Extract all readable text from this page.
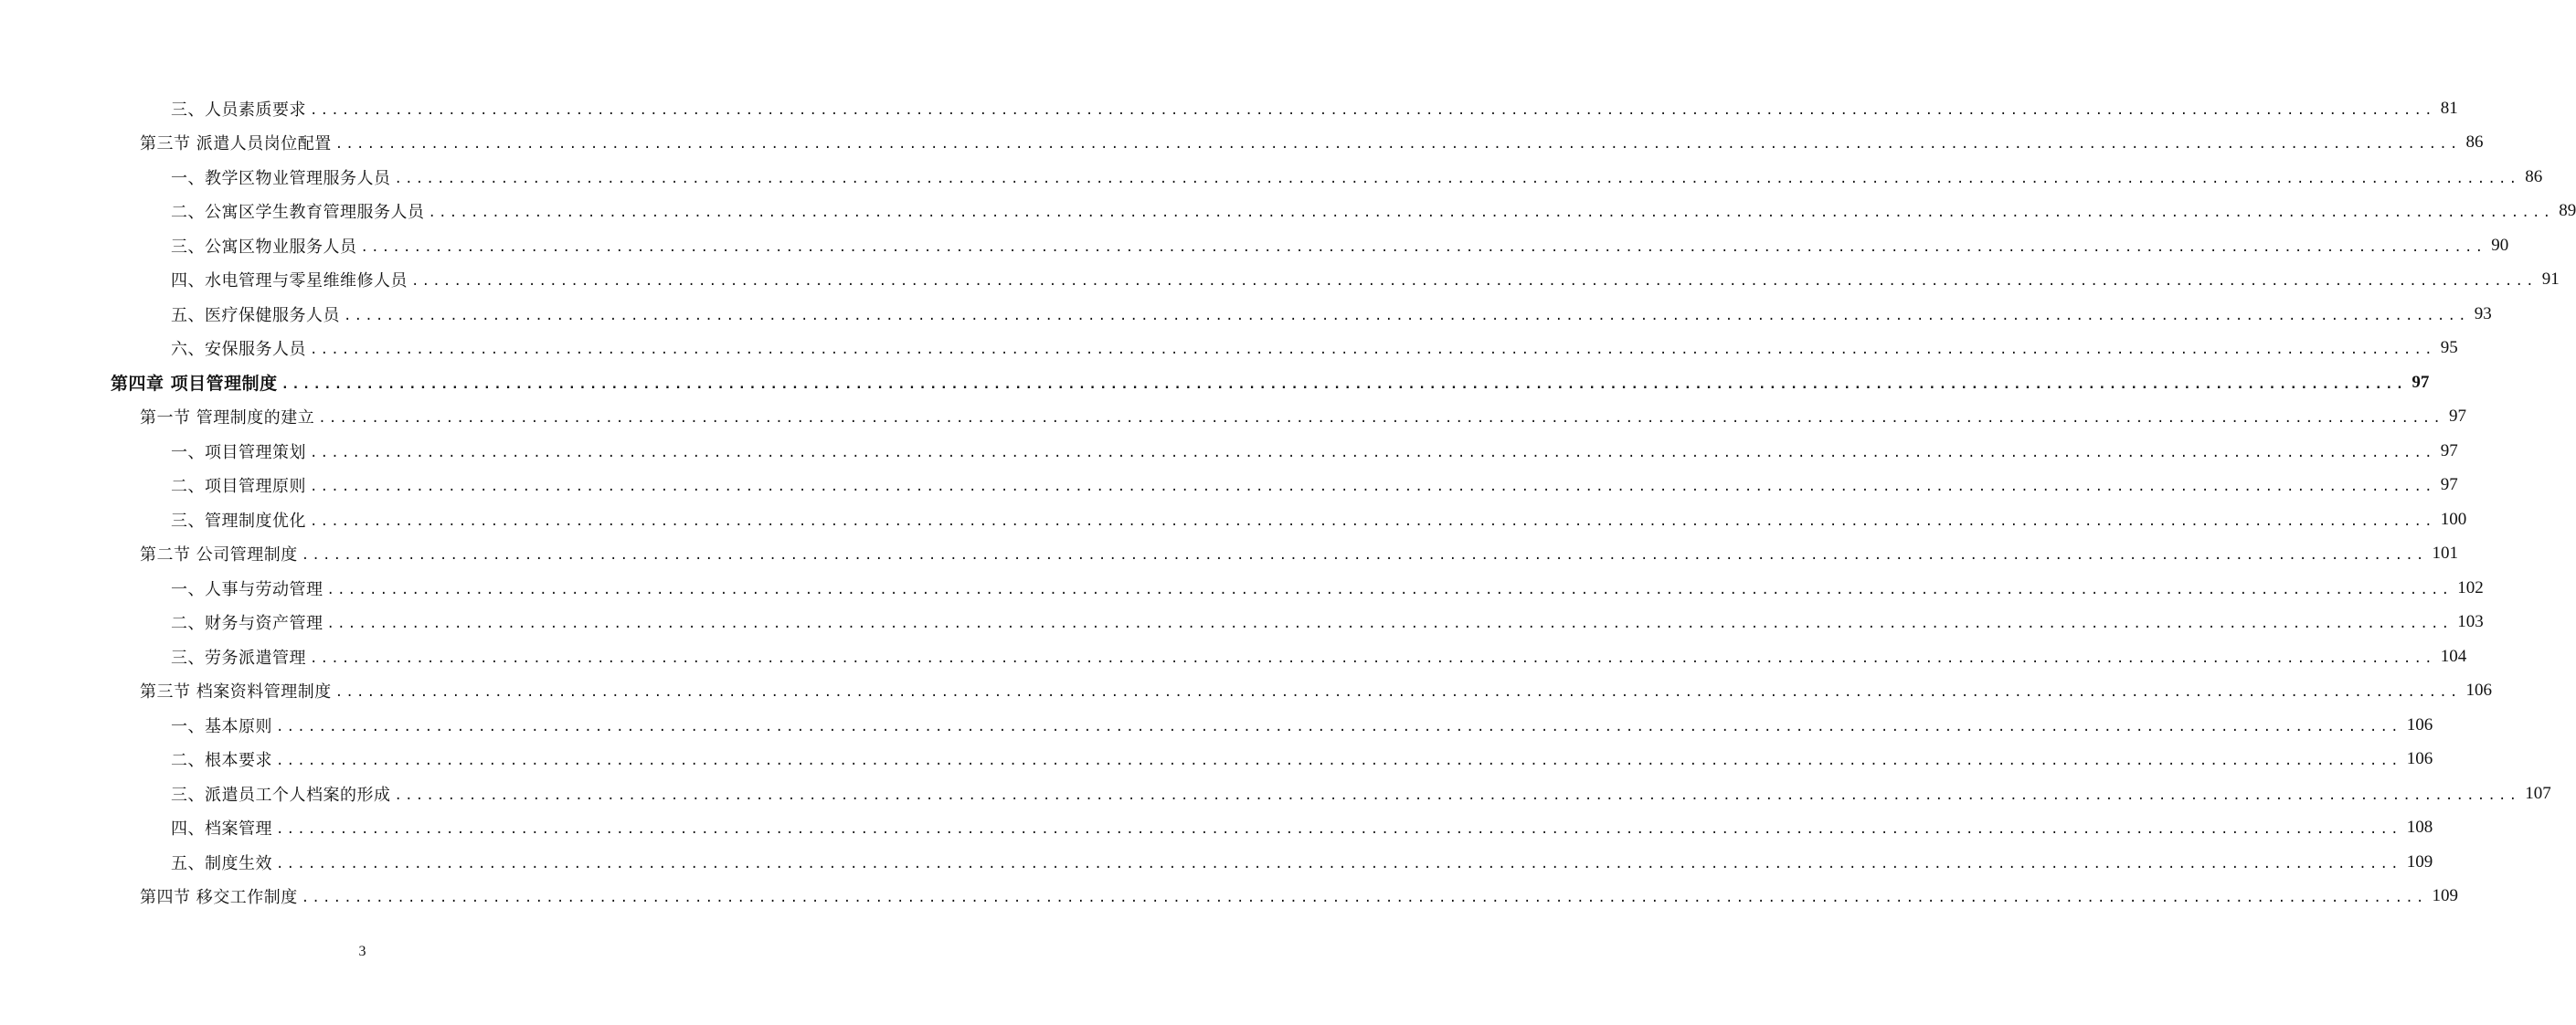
三、人员素质要求 ........................................................................................................................................................................................................ 81
第三节 派遣人员岗位配置 ........................................................................................................................................................................................................ 86
一、教学区物业管理服务人员 ........................................................................................................................................................................................................ 86
二、公寓区学生教育管理服务人员 ........................................................................................................................................................................................................ 89
三、公寓区物业服务人员 ........................................................................................................................................................................................................ 90
四、水电管理与零星维维修人员 ........................................................................................................................................................................................................ 91
五、医疗保健服务人员 ........................................................................................................................................................................................................ 93
六、安保服务人员 ........................................................................................................................................................................................................ 95
第四章 项目管理制度 ........................................................................................................................................................................................................ 97
第一节 管理制度的建立 ........................................................................................................................................................................................................ 97
一、项目管理策划 ........................................................................................................................................................................................................ 97
二、项目管理原则 ........................................................................................................................................................................................................ 97
三、管理制度优化 ........................................................................................................................................................................................................ 100
第二节 公司管理制度 ........................................................................................................................................................................................................ 101
一、人事与劳动管理 ........................................................................................................................................................................................................ 102
二、财务与资产管理 ........................................................................................................................................................................................................ 103
三、劳务派遣管理 ........................................................................................................................................................................................................ 104
第三节 档案资料管理制度 ........................................................................................................................................................................................................ 106
一、基本原则 ........................................................................................................................................................................................................ 106
二、根本要求 ........................................................................................................................................................................................................ 106
三、派遣员工个人档案的形成 ........................................................................................................................................................................................................ 107
四、档案管理 ........................................................................................................................................................................................................ 108
五、制度生效 ........................................................................................................................................................................................................ 109
第四节 移交工作制度 ........................................................................................................................................................................................................ 109
3
